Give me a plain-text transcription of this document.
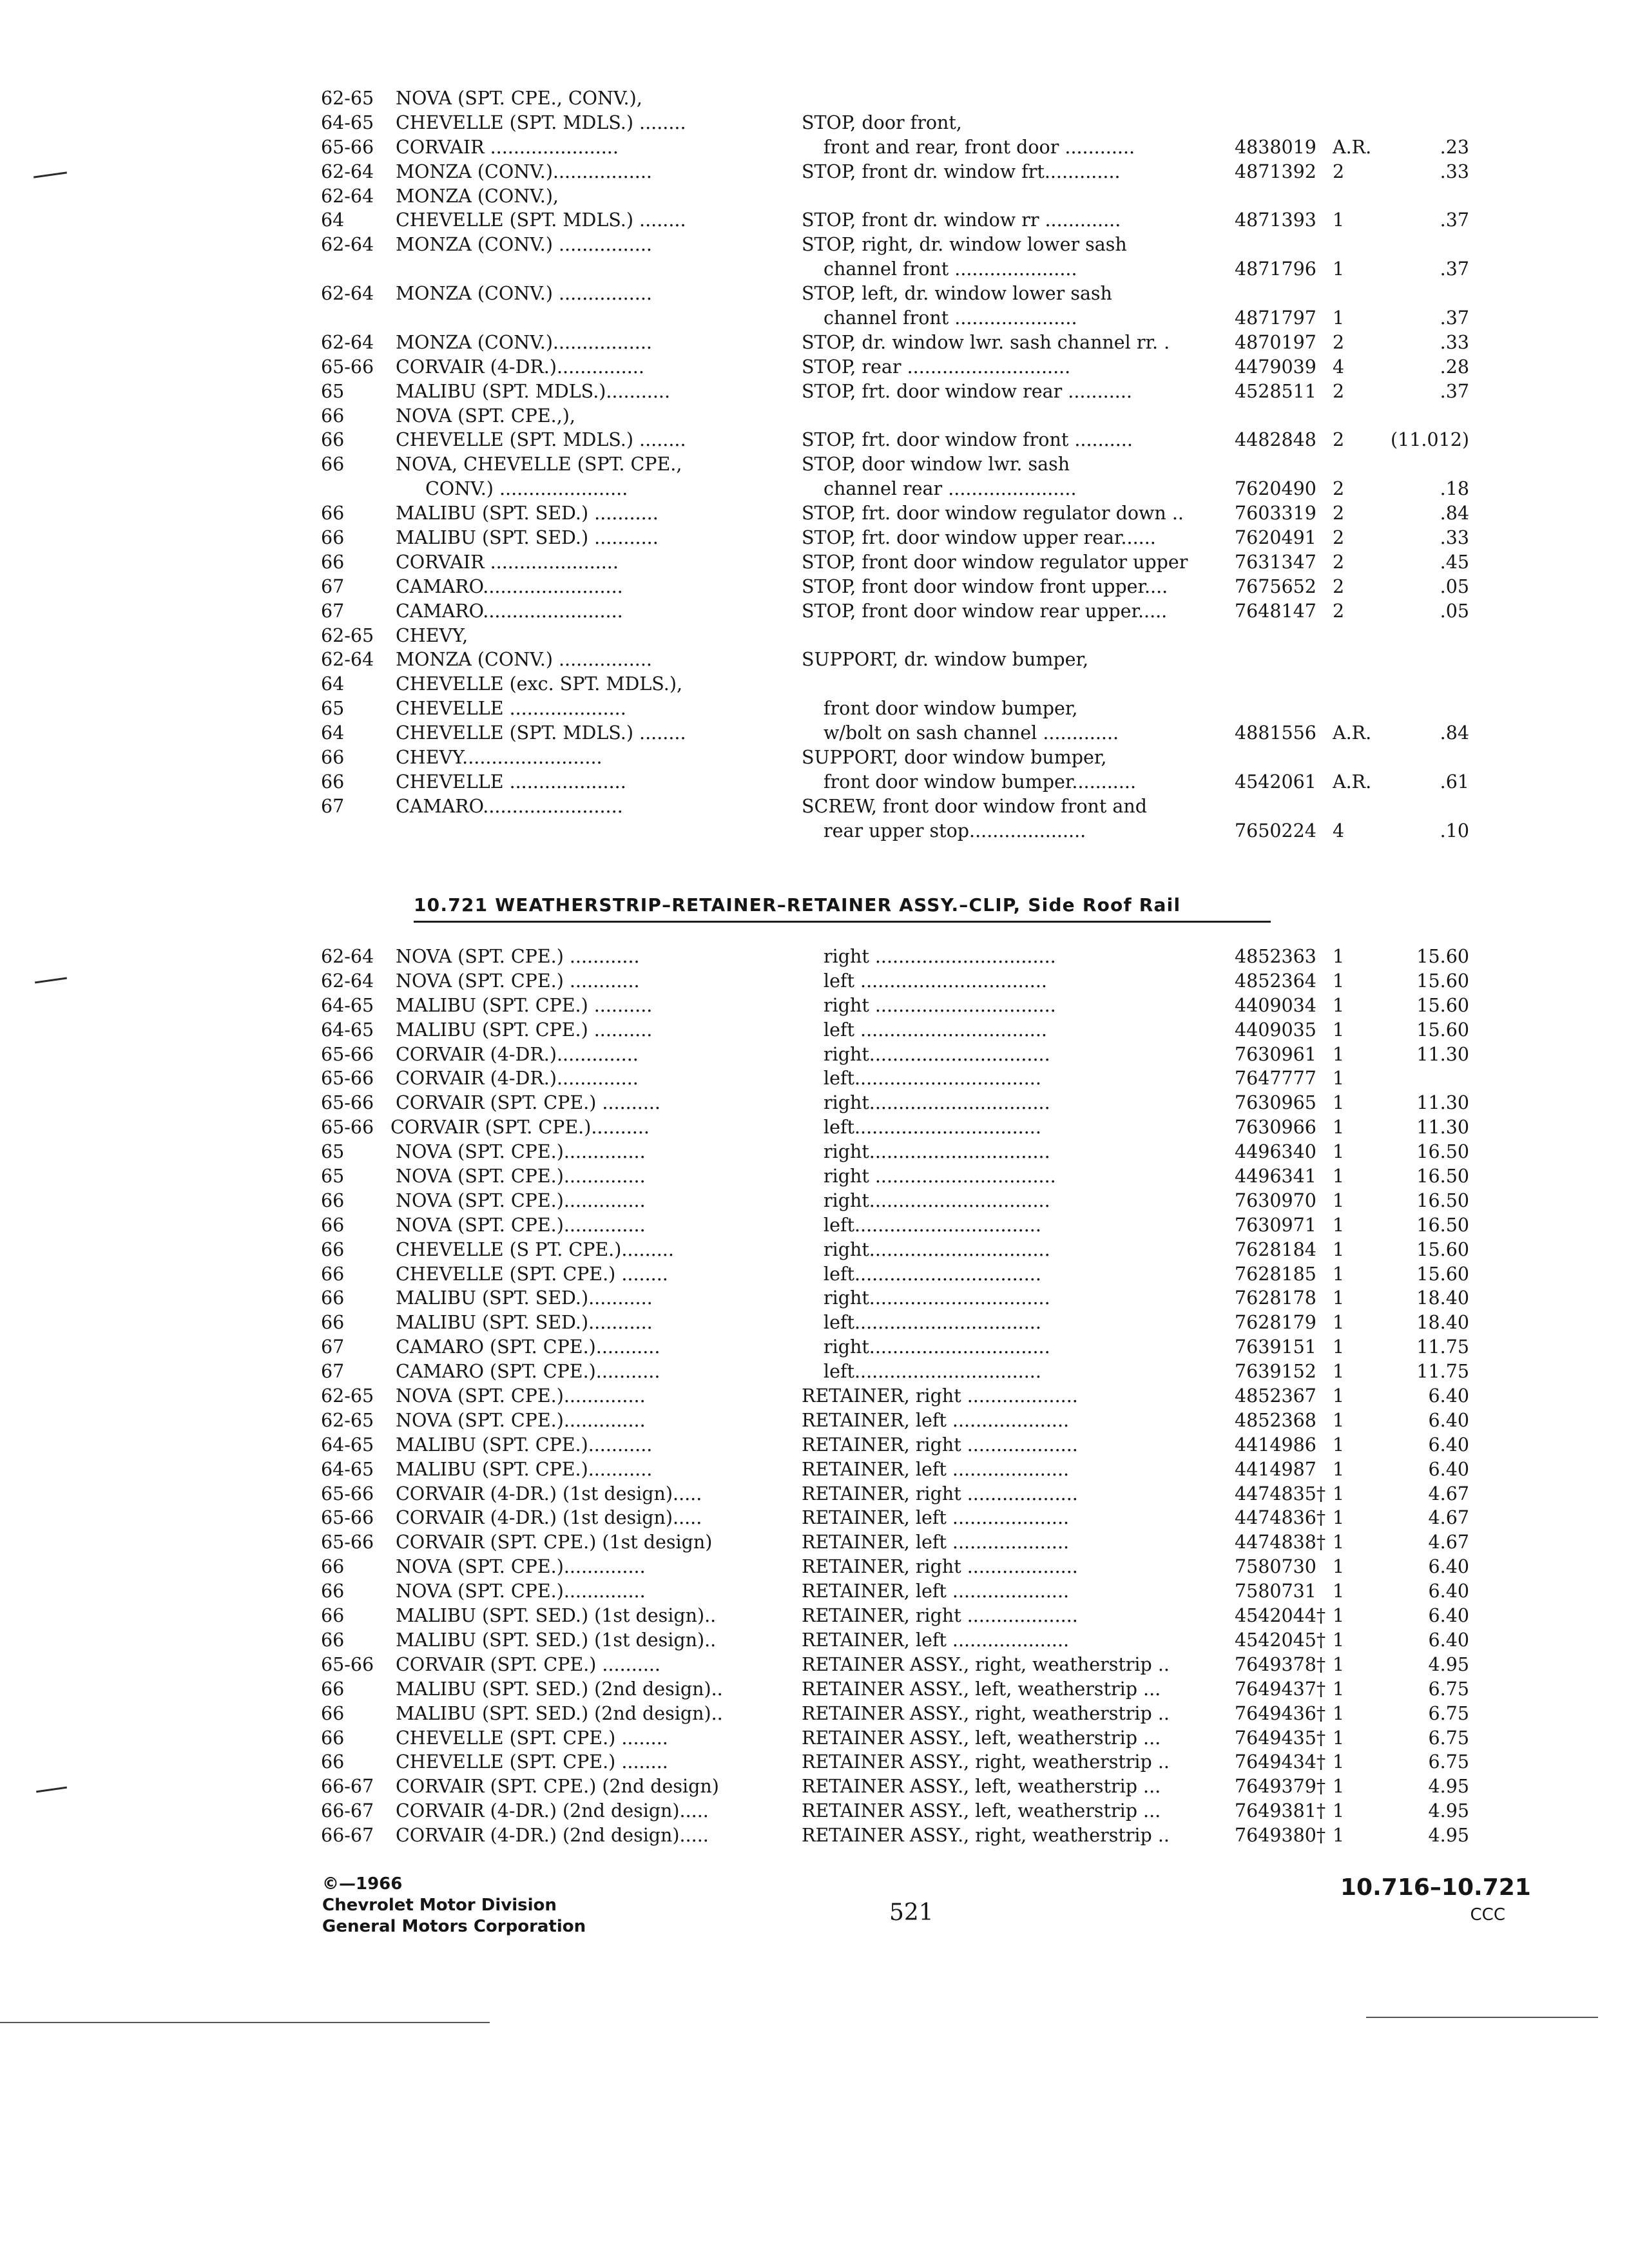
62-65	NOVA (SPT. CPE., CONV.),
64-65	CHEVELLE (SPT. MDLS.) ........	STOP, door front,
65-66	CORVAIR ......................	front and rear, front door ............	4838019 A.R.	.23
62-64	MONZA (CONV.).................	STOP, front dr. window frt.............	4871392 2	.33
62-64	MONZA (CONV.),
64	CHEVELLE (SPT. MDLS.) ........	STOP, front dr. window rr .............	4871393 1	.37
62-64	MONZA (CONV.) ................	STOP, right, dr. window lower sash
channel front .....................	4871796 1	.37
62-64	MONZA (CONV.) ................	STOP, left, dr. window lower sash
channel front .....................	4871797 1	.37
62-64	MONZA (CONV.).................	STOP, dr. window lwr. sash channel rr. .	4870197 2	.33
65-66	CORVAIR (4-DR.)...............	STOP, rear ............................	4479039 4	.28
65	MALIBU (SPT. MDLS.)...........	STOP, frt. door window rear ...........	4528511 2	.37
66	NOVA (SPT. CPE.,),
66	CHEVELLE (SPT. MDLS.) ........	STOP, frt. door window front ..........	4482848 2	(11.012)
66	NOVA, CHEVELLE (SPT. CPE.,	STOP, door window lwr. sash
CONV.) ......................	channel rear ......................	7620490 2	.18
66	MALIBU (SPT. SED.) ...........	STOP, frt. door window regulator down ..	7603319 2	.84
66	MALIBU (SPT. SED.) ...........	STOP, frt. door window upper rear......	7620491 2	.33
66	CORVAIR ......................	STOP, front door window regulator upper	7631347 2	.45
67	CAMARO........................	STOP, front door window front upper....	7675652 2	.05
67	CAMARO........................	STOP, front door window rear upper.....	7648147 2	.05
62-65	CHEVY,
62-64	MONZA (CONV.) ................	SUPPORT, dr. window bumper,
64	CHEVELLE (exc. SPT. MDLS.),
65	CHEVELLE ....................	front door window bumper,
64	CHEVELLE (SPT. MDLS.) ........	w/bolt on sash channel .............	4881556 A.R.	.84
66	CHEVY........................	SUPPORT, door window bumper,
66	CHEVELLE ....................	front door window bumper...........	4542061 A.R.	.61
67	CAMARO........................	SCREW, front door window front and
rear upper stop....................	7650224 4	.10
10.721 WEATHERSTRIP–RETAINER–RETAINER ASSY.–CLIP, Side Roof Rail
62-64	NOVA (SPT. CPE.) ............	right ...............................	4852363 1	15.60
62-64	NOVA (SPT. CPE.) ............	left ................................	4852364 1	15.60
64-65	MALIBU (SPT. CPE.) ..........	right ...............................	4409034 1	15.60
64-65	MALIBU (SPT. CPE.) ..........	left ................................	4409035 1	15.60
65-66	CORVAIR (4-DR.)..............	right...............................	7630961 1	11.30
65-66	CORVAIR (4-DR.)..............	left................................	7647777 1
65-66	CORVAIR (SPT. CPE.) ..........	right...............................	7630965 1	11.30
65-66 CORVAIR (SPT. CPE.)..........	left................................	7630966 1	11.30
65	NOVA (SPT. CPE.)..............	right...............................	4496340 1	16.50
65	NOVA (SPT. CPE.)..............	right ...............................	4496341 1	16.50
66	NOVA (SPT. CPE.)..............	right...............................	7630970 1	16.50
66	NOVA (SPT. CPE.)..............	left................................	7630971 1	16.50
66	CHEVELLE (S PT. CPE.).........	right...............................	7628184 1	15.60
66	CHEVELLE (SPT. CPE.) ........	left................................	7628185 1	15.60
66	MALIBU (SPT. SED.)...........	right...............................	7628178 1	18.40
66	MALIBU (SPT. SED.)...........	left................................	7628179 1	18.40
67	CAMARO (SPT. CPE.)...........	right...............................	7639151 1	11.75
67	CAMARO (SPT. CPE.)...........	left................................	7639152 1	11.75
62-65	NOVA (SPT. CPE.)..............	RETAINER, right ...................	4852367 1	6.40
62-65	NOVA (SPT. CPE.)..............	RETAINER, left ....................	4852368 1	6.40
64-65	MALIBU (SPT. CPE.)...........	RETAINER, right ...................	4414986 1	6.40
64-65	MALIBU (SPT. CPE.)...........	RETAINER, left ....................	4414987 1	6.40
65-66	CORVAIR (4-DR.) (1st design).....	RETAINER, right ...................	4474835† 1	4.67
65-66	CORVAIR (4-DR.) (1st design).....	RETAINER, left ....................	4474836† 1	4.67
65-66	CORVAIR (SPT. CPE.) (1st design)	RETAINER, left ....................	4474838† 1	4.67
66	NOVA (SPT. CPE.)..............	RETAINER, right ...................	7580730 1	6.40
66	NOVA (SPT. CPE.)..............	RETAINER, left ....................	7580731 1	6.40
66	MALIBU (SPT. SED.) (1st design)..	RETAINER, right ...................	4542044† 1	6.40
66	MALIBU (SPT. SED.) (1st design)..	RETAINER, left ....................	4542045† 1	6.40
65-66	CORVAIR (SPT. CPE.) ..........	RETAINER ASSY., right, weatherstrip ..	7649378† 1	4.95
66	MALIBU (SPT. SED.) (2nd design)..	RETAINER ASSY., left, weatherstrip ...	7649437† 1	6.75
66	MALIBU (SPT. SED.) (2nd design)..	RETAINER ASSY., right, weatherstrip ..	7649436† 1	6.75
66	CHEVELLE (SPT. CPE.) ........	RETAINER ASSY., left, weatherstrip ...	7649435† 1	6.75
66	CHEVELLE (SPT. CPE.) ........	RETAINER ASSY., right, weatherstrip ..	7649434† 1	6.75
66-67	CORVAIR (SPT. CPE.) (2nd design)	RETAINER ASSY., left, weatherstrip ...	7649379† 1	4.95
66-67	CORVAIR (4-DR.) (2nd design).....	RETAINER ASSY., left, weatherstrip ...	7649381† 1	4.95
66-67	CORVAIR (4-DR.) (2nd design).....	RETAINER ASSY., right, weatherstrip ..	7649380† 1	4.95
©—1966
Chevrolet Motor Division
General Motors Corporation
521
10.716–10.721
CCC
